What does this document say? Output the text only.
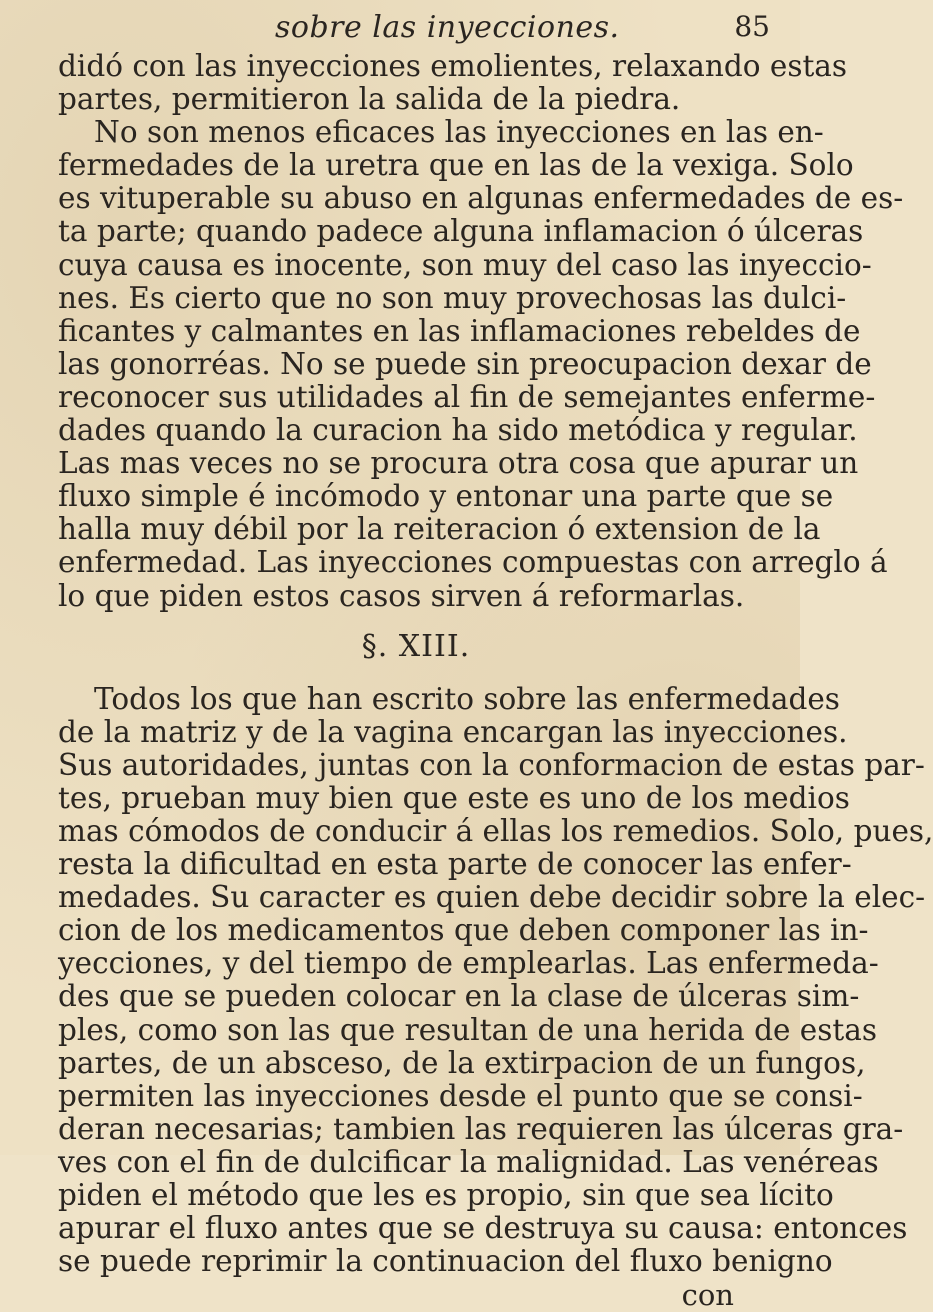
sobre las inyecciones.	85
didó con las inyecciones emolientes, relaxando estas
partes, permitieron la salida de la piedra.
No son menos eficaces las inyecciones en las en-
fermedades de la uretra que en las de la vexiga. Solo
es vituperable su abuso en algunas enfermedades de es-
ta parte; quando padece alguna inflamacion ó úlceras
cuya causa es inocente, son muy del caso las inyeccio-
nes. Es cierto que no son muy provechosas las dulci-
ficantes y calmantes en las inflamaciones rebeldes de
las gonorréas. No se puede sin preocupacion dexar de
reconocer sus utilidades al fin de semejantes enferme-
dades quando la curacion ha sido metódica y regular.
Las mas veces no se procura otra cosa que apurar un
fluxo simple é incómodo y entonar una parte que se
halla muy débil por la reiteracion ó extension de la
enfermedad. Las inyecciones compuestas con arreglo á
lo que piden estos casos sirven á reformarlas.
§. XIII.
Todos los que han escrito sobre las enfermedades
de la matriz y de la vagina encargan las inyecciones.
Sus autoridades, juntas con la conformacion de estas par-
tes, prueban muy bien que este es uno de los medios
mas cómodos de conducir á ellas los remedios. Solo, pues,
resta la dificultad en esta parte de conocer las enfer-
medades. Su caracter es quien debe decidir sobre la elec-
cion de los medicamentos que deben componer las in-
yecciones, y del tiempo de emplearlas. Las enfermeda-
des que se pueden colocar en la clase de úlceras sim-
ples, como son las que resultan de una herida de estas
partes, de un absceso, de la extirpacion de un fungos,
permiten las inyecciones desde el punto que se consi-
deran necesarias; tambien las requieren las úlceras gra-
ves con el fin de dulcificar la malignidad. Las venéreas
piden el método que les es propio, sin que sea lícito
apurar el fluxo antes que se destruya su causa: entonces
se puede reprimir la continuacion del fluxo benigno
con
